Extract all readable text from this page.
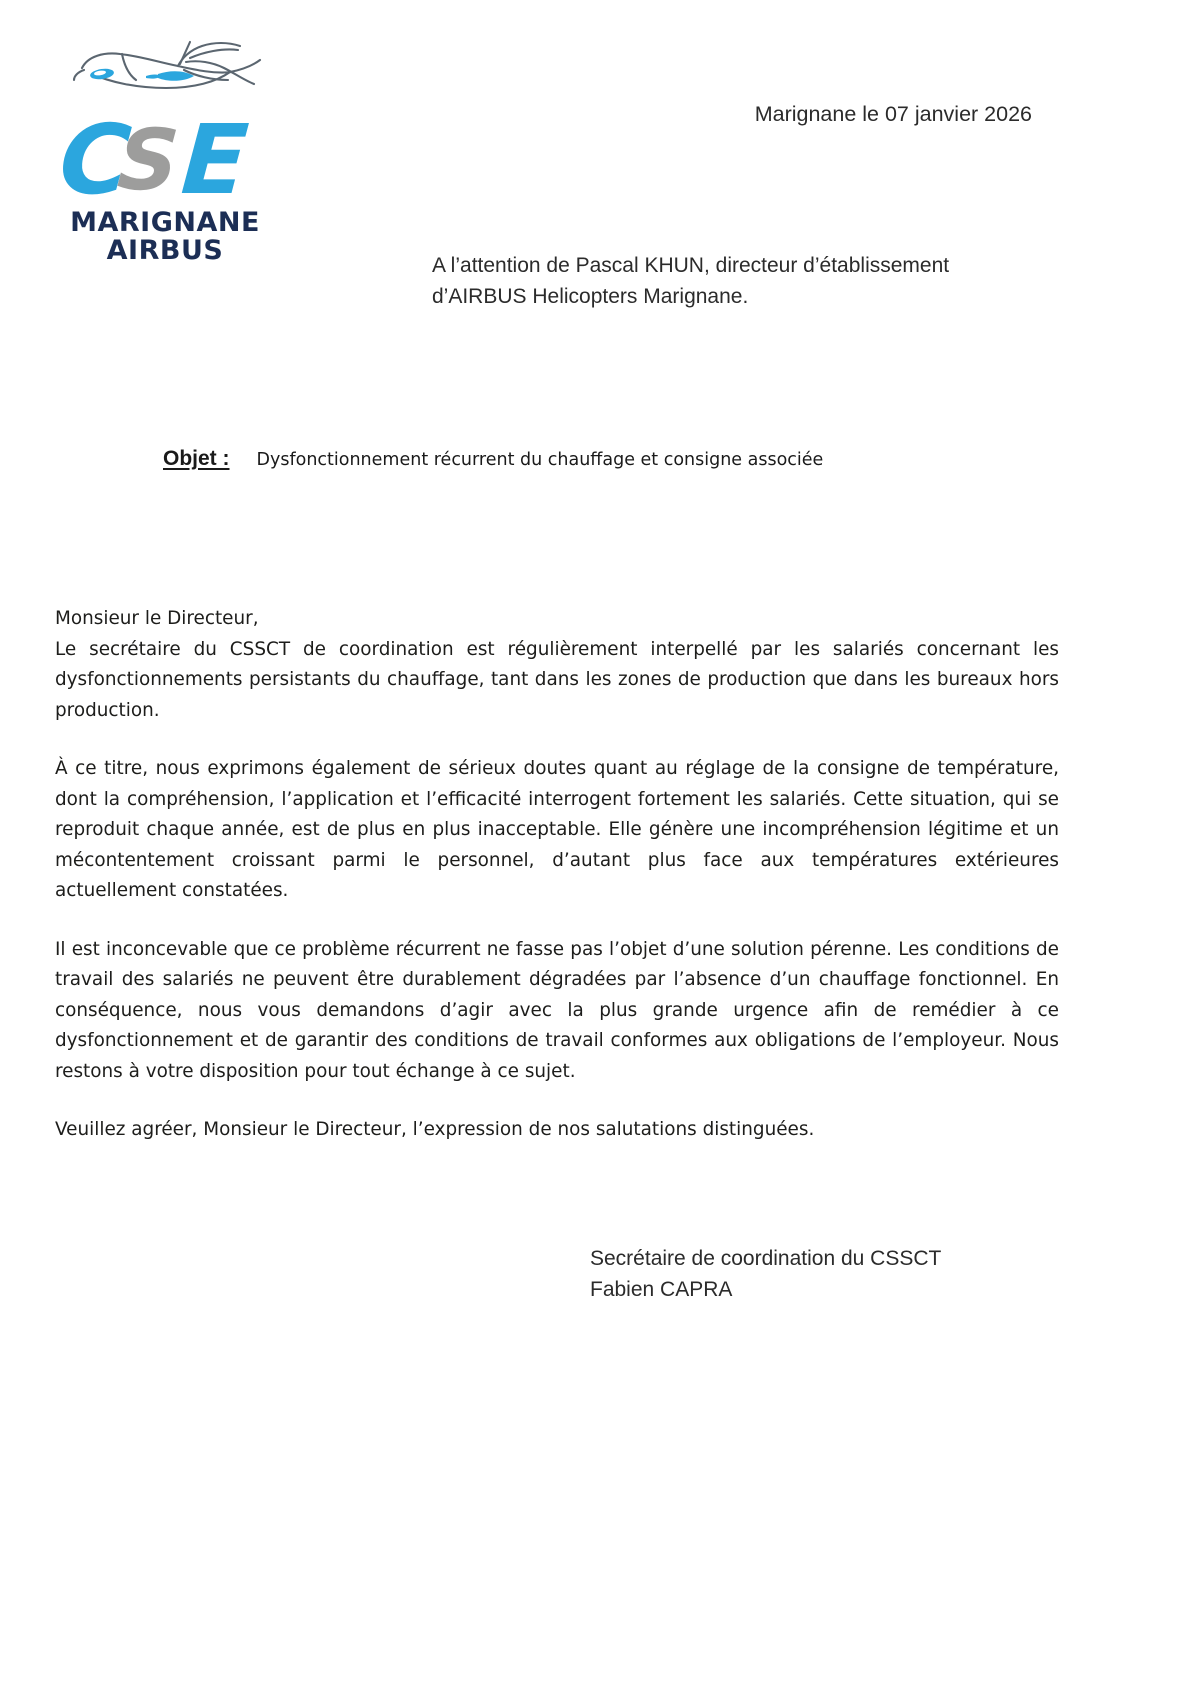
C
S
E
MARIGNANE
AIRBUS
Marignane le 07 janvier 2026
A l’attention de Pascal KHUN, directeur d’établissement
d’AIRBUS Helicopters Marignane.
Objet : Dysfonctionnement récurrent du chauffage et consigne associée

Monsieur le Directeur,
Le secrétaire du CSSCT de coordination est régulièrement interpellé par les salariés concernant les dysfonctionnements persistants du chauffage, tant dans les zones de production que dans les bureaux hors production.

À ce titre, nous exprimons également de sérieux doutes quant au réglage de la consigne de température, dont la compréhension, l’application et l’efficacité interrogent fortement les salariés. Cette situation, qui se reproduit chaque année, est de plus en plus inacceptable. Elle génère une incompréhension légitime et un mécontentement croissant parmi le personnel, d’autant plus face aux températures extérieures actuellement constatées.

Il est inconcevable que ce problème récurrent ne fasse pas l’objet d’une solution pérenne. Les conditions de travail des salariés ne peuvent être durablement dégradées par l’absence d’un chauffage fonctionnel. En conséquence, nous vous demandons d’agir avec la plus grande urgence afin de remédier à ce dysfonctionnement et de garantir des conditions de travail conformes aux obligations de l’employeur. Nous restons à votre disposition pour tout échange à ce sujet.

Veuillez agréer, Monsieur le Directeur, l’expression de nos salutations distinguées.

Secrétaire de coordination du CSSCT
Fabien CAPRA
